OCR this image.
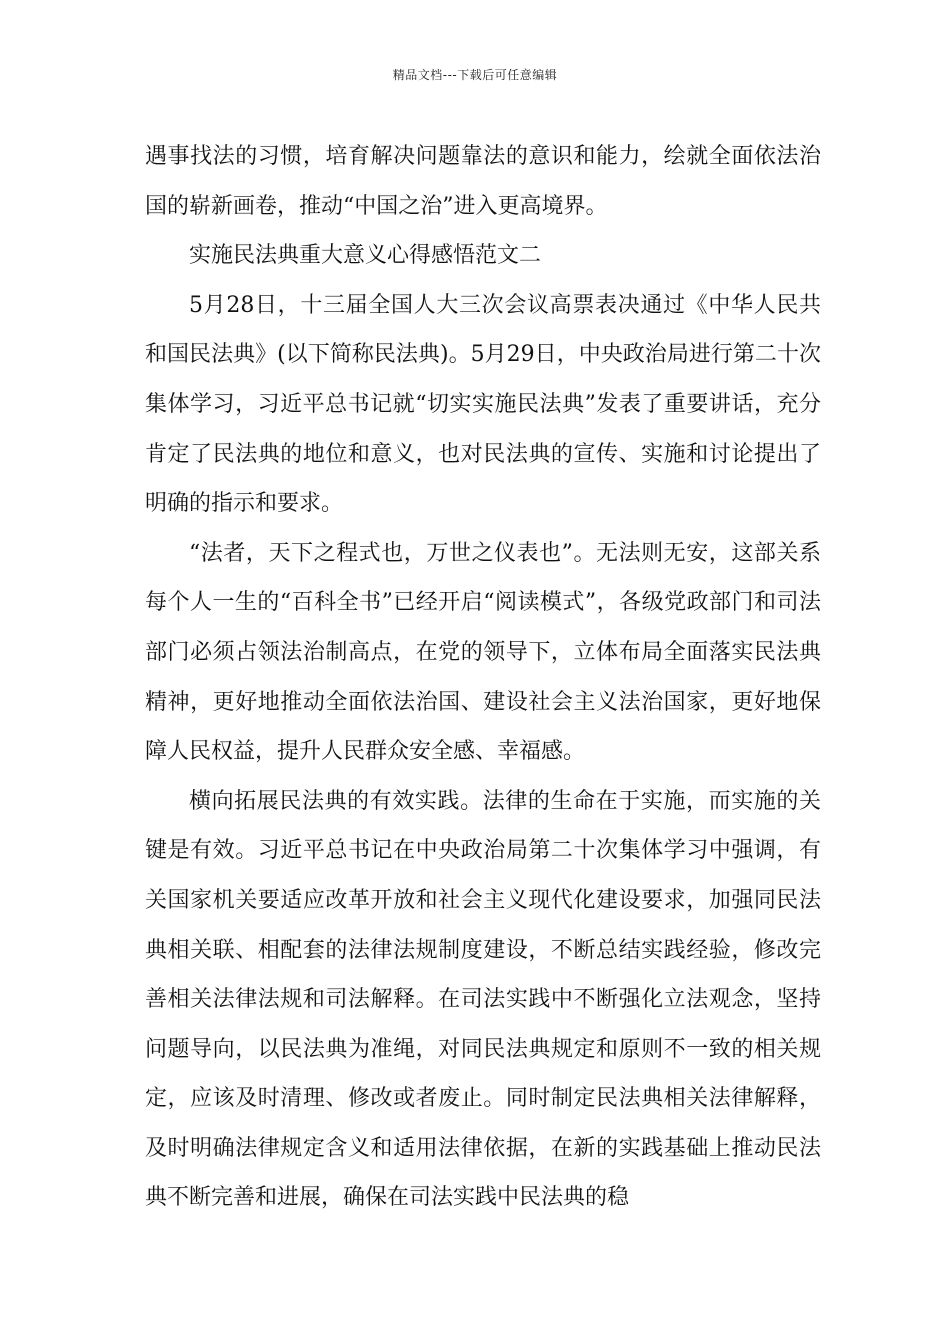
精品文档---下载后可任意编辑

遇事找法的习惯，培育解决问题靠法的意识和能力，绘就全面依法治国的崭新画卷，推动“中国之治”进入更高境界。

实施民法典重大意义心得感悟范文二

5月28日，十三届全国人大三次会议高票表决通过《中华人民共和国民法典》(以下简称民法典)。5月29日，中央政治局进行第二十次集体学习，习近平总书记就“切实实施民法典”发表了重要讲话，充分肯定了民法典的地位和意义，也对民法典的宣传、实施和讨论提出了明确的指示和要求。

“法者，天下之程式也，万世之仪表也”。无法则无安，这部关系每个人一生的“百科全书”已经开启“阅读模式”，各级党政部门和司法部门必须占领法治制高点，在党的领导下，立体布局全面落实民法典精神，更好地推动全面依法治国、建设社会主义法治国家，更好地保障人民权益，提升人民群众安全感、幸福感。

横向拓展民法典的有效实践。法律的生命在于实施，而实施的关键是有效。习近平总书记在中央政治局第二十次集体学习中强调，有关国家机关要适应改革开放和社会主义现代化建设要求，加强同民法典相关联、相配套的法律法规制度建设，不断总结实践经验，修改完善相关法律法规和司法解释。在司法实践中不断强化立法观念，坚持问题导向，以民法典为准绳，对同民法典规定和原则不一致的相关规定，应该及时清理、修改或者废止。同时制定民法典相关法律解释，及时明确法律规定含义和适用法律依据，在新的实践基础上推动民法典不断完善和进展，确保在司法实践中民法典的稳
